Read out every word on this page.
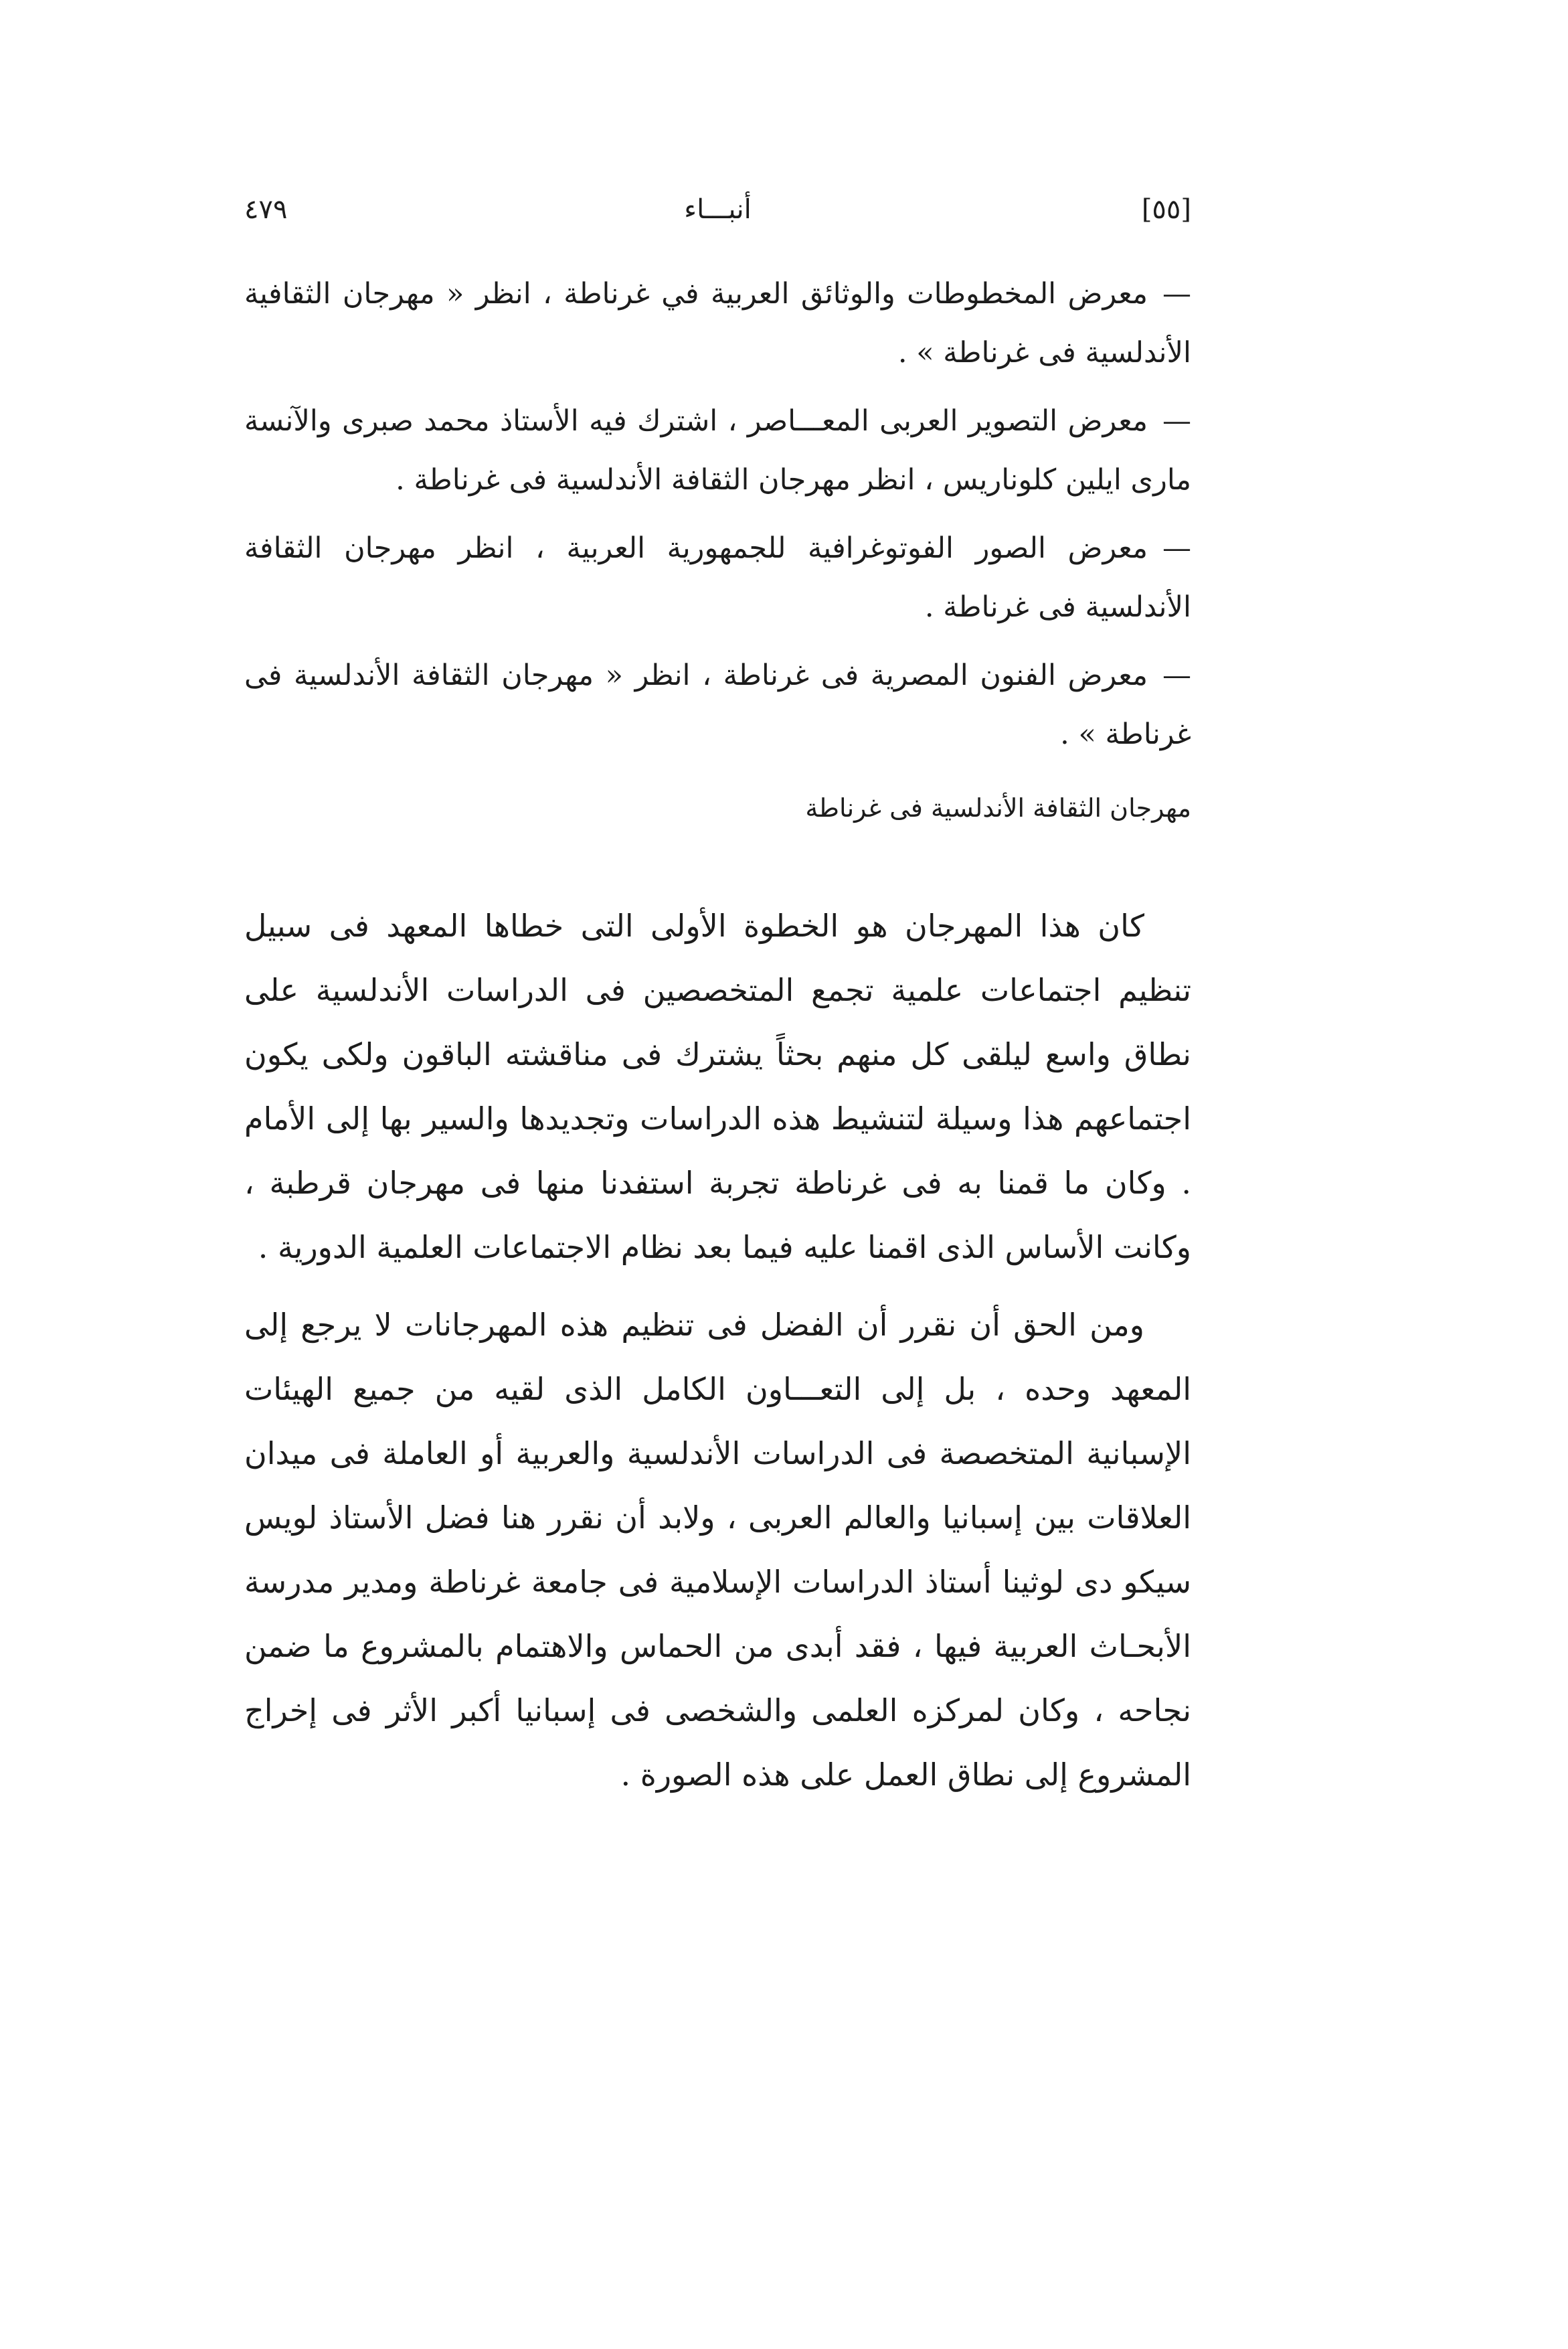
[٥٥]
أنبـــاء
٤٧٩

—معرض المخطوطات والوثائق العربية في غرناطة ، انظر « مهرجان الثقافية الأندلسية فى غرناطة » .

—معرض التصوير العربى المعـــاصر ، اشترك فيه الأستاذ محمد صبرى والآنسة مارى ايلين كلوناريس ، انظر مهرجان الثقافة الأندلسية فى غرناطة .

—معرض الصور الفوتوغرافية للجمهورية العربية ، انظر مهرجان الثقافة الأندلسية فى غرناطة .

—معرض الفنون المصرية فى غرناطة ، انظر « مهرجان الثقافة الأندلسية فى غرناطة » .

مهرجان الثقافة الأندلسية فى غرناطة

كان هذا المهرجان هو الخطوة الأولى التى خطاها المعهد فى سبيل تنظيم اجتماعات علمية تجمع المتخصصين فى الدراسات الأندلسية على نطاق واسع ليلقى كل منهم بحثاً يشترك فى مناقشته الباقون ولكى يكون اجتماعهم هذا وسيلة لتنشيط هذه الدراسات وتجديدها والسير بها إلى الأمام . وكان ما قمنا به فى غرناطة تجربة استفدنا منها فى مهرجان قرطبة ، وكانت الأساس الذى اقمنا عليه فيما بعد نظام الاجتماعات العلمية الدورية .

ومن الحق أن نقرر أن الفضل فى تنظيم هذه المهرجانات لا يرجع إلى المعهد وحده ، بل إلى التعـــاون الكامل الذى لقيه من جميع الهيئات الإسبانية المتخصصة فى الدراسات الأندلسية والعربية أو العاملة فى ميدان العلاقات بين إسبانيا والعالم العربى ، ولابد أن نقرر هنا فضل الأستاذ لويس سيكو دى لوثينا أستاذ الدراسات الإسلامية فى جامعة غرناطة ومدير مدرسة الأبحـاث العربية فيها ، فقد أبدى من الحماس والاهتمام بالمشروع ما ضمن نجاحه ، وكان لمركزه العلمى والشخصى فى إسبانيا أكبر الأثر فى إخراج المشروع إلى نطاق العمل على هذه الصورة .
